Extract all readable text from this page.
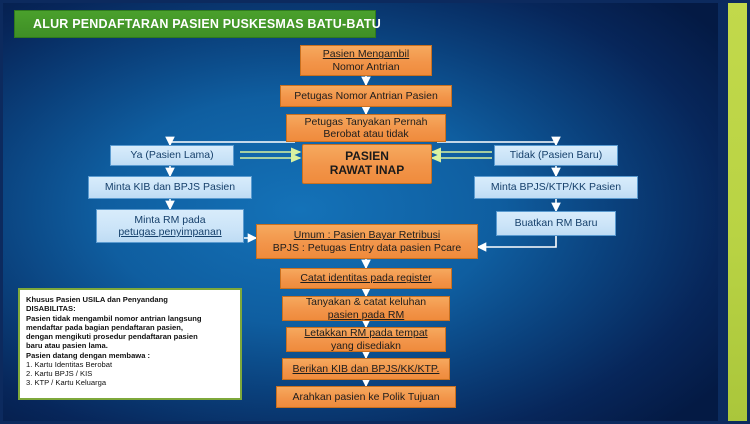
ALUR PENDAFTARAN PASIEN PUSKESMAS BATU-BATU
Pasien Mengambil
Nomor Antrian
Petugas Nomor Antrian Pasien
Petugas Tanyakan Pernah
Berobat atau tidak
Ya (Pasien Lama)	Tidak (Pasien Baru)
PASIEN
RAWAT INAP
Minta KIB dan BPJS Pasien	Minta BPJS/KTP/KK Pasien
Minta RM pada
petugas penyimpanan
Buatkan RM Baru
Umum : Pasien Bayar Retribusi
BPJS : Petugas Entry data pasien Pcare
Catat identitas pada register
Tanyakan & catat keluhan
pasien pada RM
Letakkan RM pada tempat
yang disediakn
Berikan KIB dan BPJS/KK/KTP.
Arahkan pasien ke Polik Tujuan
Khusus Pasien USILA dan Penyandang
DISABILITAS:
Pasien tidak mengambil nomor antrian langsung
mendaftar pada bagian pendaftaran pasien,
dengan mengikuti prosedur pendaftaran pasien
baru atau pasien lama.
Pasien datang dengan membawa :
1. Kartu Identitas Berobat
2. Kartu BPJS / KIS
3. KTP / Kartu Keluarga
